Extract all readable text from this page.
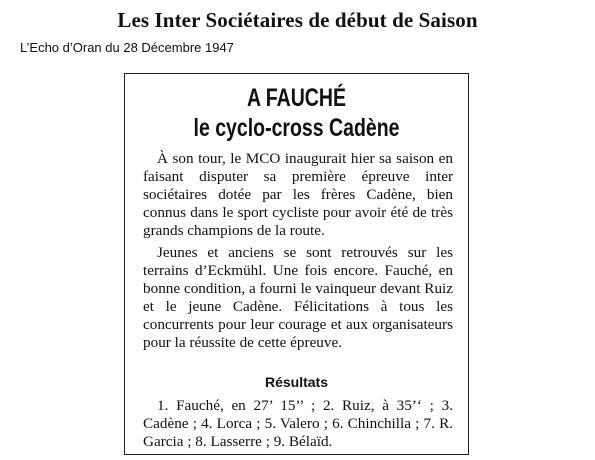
Les Inter Sociétaires de début de Saison
L’Echo d’Oran du 28 Décembre 1947
A FAUCHÉ
le cyclo-cross Cadène

À son tour, le MCO inaugurait hier sa saison en faisant disputer sa première épreuve inter sociétaires dotée par les frères Cadène, bien connus dans le sport cycliste pour avoir été de très grands champions de la route.

Jeunes et anciens se sont retrouvés sur les terrains d’Eckmühl. Une fois encore. Fauché, en bonne condition, a fourni le vainqueur devant Ruiz et le jeune Cadène. Félicitations à tous les concurrents pour leur courage et aux organisateurs pour la réussite de cette épreuve.

Résultats

1. Fauché, en 27’ 15’’ ; 2. Ruiz, à 35’‘ ; 3. Cadène ; 4. Lorca ; 5. Valero ; 6. Chinchilla ; 7. R. Garcia ; 8. Lasserre ; 9. Bélaïd.
